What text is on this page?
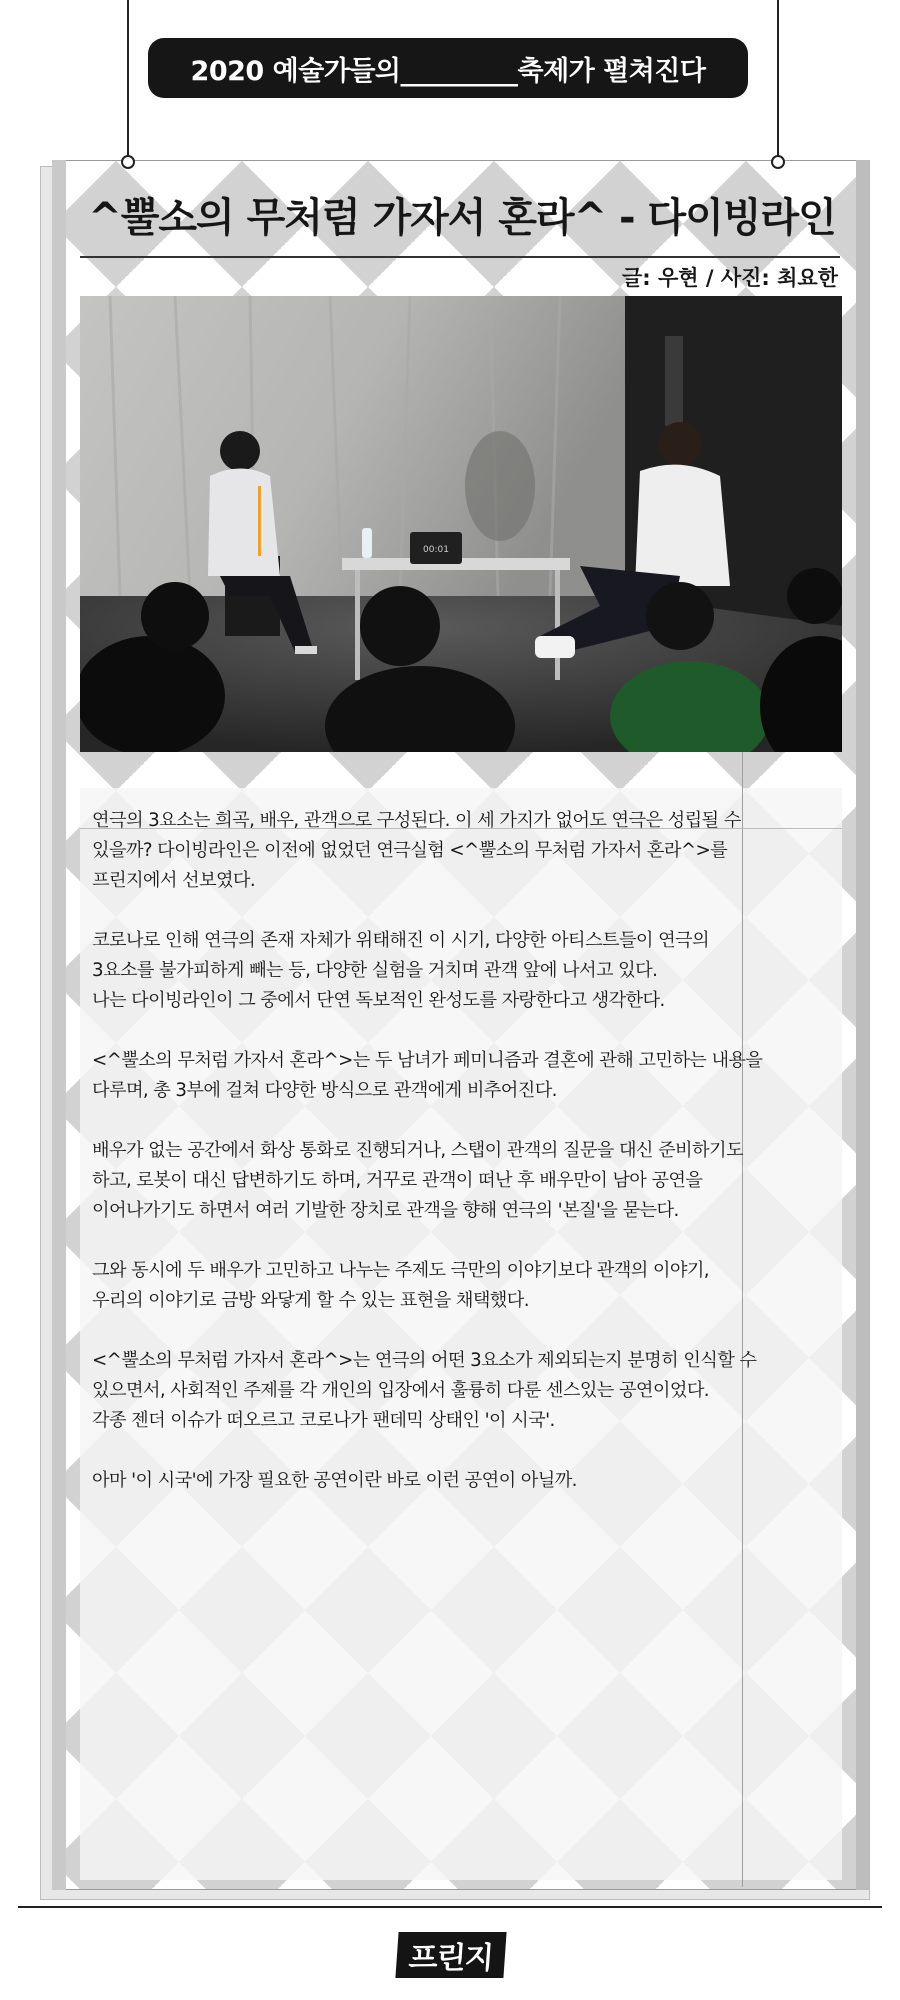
2020 예술가들의_________축제가 펼쳐진다
^뿔소의 무처럼 가자서 혼라^ - 다이빙라인
글: 우현 / 사진: 최요한
00:01

연극의 3요소는 희곡, 배우, 관객으로 구성된다. 이 세 가지가 없어도 연극은 성립될 수
있을까? 다이빙라인은 이전에 없었던 연극실험 <^뿔소의 무처럼 가자서 혼라^>를
프린지에서 선보였다.

코로나로 인해 연극의 존재 자체가 위태해진 이 시기, 다양한 아티스트들이 연극의
3요소를 불가피하게 빼는 등, 다양한 실험을 거치며 관객 앞에 나서고 있다.
나는 다이빙라인이 그 중에서 단연 독보적인 완성도를 자랑한다고 생각한다.

<^뿔소의 무처럼 가자서 혼라^>는 두 남녀가 페미니즘과 결혼에 관해 고민하는 내용을
다루며, 총 3부에 걸쳐 다양한 방식으로 관객에게 비추어진다.

배우가 없는 공간에서 화상 통화로 진행되거나, 스탭이 관객의 질문을 대신 준비하기도
하고, 로봇이 대신 답변하기도 하며, 거꾸로 관객이 떠난 후 배우만이 남아 공연을
이어나가기도 하면서 여러 기발한 장치로 관객을 향해 연극의 '본질'을 묻는다.

그와 동시에 두 배우가 고민하고 나누는 주제도 극만의 이야기보다 관객의 이야기,
우리의 이야기로 금방 와닿게 할 수 있는 표현을 채택했다.

<^뿔소의 무처럼 가자서 혼라^>는 연극의 어떤 3요소가 제외되는지 분명히 인식할 수
있으면서, 사회적인 주제를 각 개인의 입장에서 훌륭히 다룬 센스있는 공연이었다.
각종 젠더 이슈가 떠오르고 코로나가 팬데믹 상태인 '이 시국'.

아마 '이 시국'에 가장 필요한 공연이란 바로 이런 공연이 아닐까.

프린지
